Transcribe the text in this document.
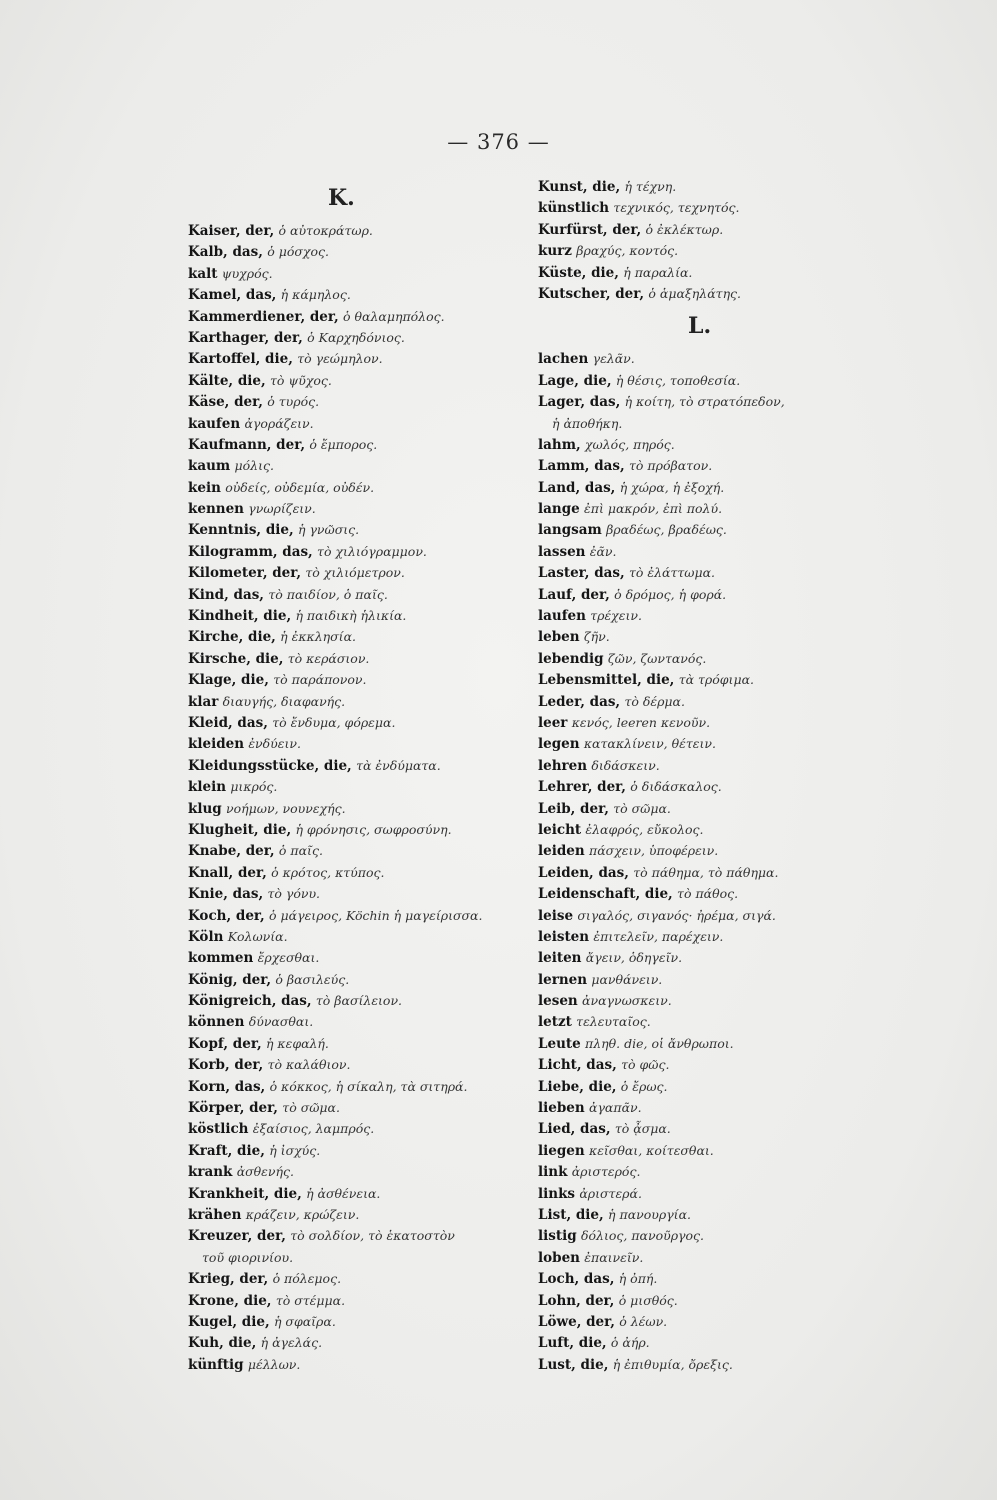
— 376 —
K.
Kaiser, der, ὁ αὐτοκράτωρ.
Kalb, das, ὁ μόσχος.
kalt ψυχρός.
Kamel, das, ἡ κάμηλος.
Kammerdiener, der, ὁ θαλαμηπόλος.
Karthager, der, ὁ Καρχηδόνιος.
Kartoffel, die, τὸ γεώμηλον.
Kälte, die, τὸ ψῦχος.
Käse, der, ὁ τυρός.
kaufen ἀγοράζειν.
Kaufmann, der, ὁ ἔμπορος.
kaum μόλις.
kein οὐδείς, οὐδεμία, οὐδέν.
kennen γνωρίζειν.
Kenntnis, die, ἡ γνῶσις.
Kilogramm, das, τὸ χιλιόγραμμον.
Kilometer, der, τὸ χιλιόμετρον.
Kind, das, τὸ παιδίον, ὁ παῖς.
Kindheit, die, ἡ παιδικὴ ἡλικία.
Kirche, die, ἡ ἐκκλησία.
Kirsche, die, τὸ κεράσιον.
Klage, die, τὸ παράπονον.
klar διαυγής, διαφανής.
Kleid, das, τὸ ἔνδυμα, φόρεμα.
kleiden ἐνδύειν.
Kleidungsstücke, die, τὰ ἐνδύματα.
klein μικρός.
klug νοήμων, νουνεχής.
Klugheit, die, ἡ φρόνησις, σωφροσύνη.
Knabe, der, ὁ παῖς.
Knall, der, ὁ κρότος, κτύπος.
Knie, das, τὸ γόνυ.
Koch, der, ὁ μάγειρος, Köchin ἡ μαγείρισσα.
Köln Κολωνία.
kommen ἔρχεσθαι.
König, der, ὁ βασιλεύς.
Königreich, das, τὸ βασίλειον.
können δύνασθαι.
Kopf, der, ἡ κεφαλή.
Korb, der, τὸ καλάθιον.
Korn, das, ὁ κόκκος, ἡ σίκαλη, τὰ σιτηρά.
Körper, der, τὸ σῶμα.
köstlich ἐξαίσιος, λαμπρός.
Kraft, die, ἡ ἰσχύς.
krank ἀσθενής.
Krankheit, die, ἡ ἀσθένεια.
krähen κράζειν, κρώζειν.
Kreuzer, der, τὸ σολδίον, τὸ ἑκατοστὸν
τοῦ φιορινίου.
Krieg, der, ὁ πόλεμος.
Krone, die, τὸ στέμμα.
Kugel, die, ἡ σφαῖρα.
Kuh, die, ἡ ἀγελάς.
künftig μέλλων.
Kunst, die, ἡ τέχνη.
künstlich τεχνικός, τεχνητός.
Kurfürst, der, ὁ ἐκλέκτωρ.
kurz βραχύς, κοντός.
Küste, die, ἡ παραλία.
Kutscher, der, ὁ ἁμαξηλάτης.
L.
lachen γελᾶν.
Lage, die, ἡ θέσις, τοποθεσία.
Lager, das, ἡ κοίτη, τὸ στρατόπεδον,
ἡ ἀποθήκη.
lahm, χωλός, πηρός.
Lamm, das, τὸ πρόβατον.
Land, das, ἡ χώρα, ἡ ἐξοχή.
lange ἐπὶ μακρόν, ἐπὶ πολύ.
langsam βραδέως, βραδέως.
lassen ἐᾶν.
Laster, das, τὸ ἐλάττωμα.
Lauf, der, ὁ δρόμος, ἡ φορά.
laufen τρέχειν.
leben ζῆν.
lebendig ζῶν, ζωντανός.
Lebensmittel, die, τὰ τρόφιμα.
Leder, das, τὸ δέρμα.
leer κενός, leeren κενοῦν.
legen κατακλίνειν, θέτειν.
lehren διδάσκειν.
Lehrer, der, ὁ διδάσκαλος.
Leib, der, τὸ σῶμα.
leicht ἐλαφρός, εὔκολος.
leiden πάσχειν, ὑποφέρειν.
Leiden, das, τὸ πάθημα, τὸ πάθημα.
Leidenschaft, die, τὸ πάθος.
leise σιγαλός, σιγανός· ἠρέμα, σιγά.
leisten ἐπιτελεῖν, παρέχειν.
leiten ἄγειν, ὁδηγεῖν.
lernen μανθάνειν.
lesen ἀναγνωσκειν.
letzt τελευταῖος.
Leute πληθ. die, οἱ ἄνθρωποι.
Licht, das, τὸ φῶς.
Liebe, die, ὁ ἔρως.
lieben ἀγαπᾶν.
Lied, das, τὸ ᾆσμα.
liegen κεῖσθαι, κοίτεσθαι.
link ἀριστερός.
links ἀριστερά.
List, die, ἡ πανουργία.
listig δόλιος, πανοῦργος.
loben ἐπαινεῖν.
Loch, das, ἡ ὀπή.
Lohn, der, ὁ μισθός.
Löwe, der, ὁ λέων.
Luft, die, ὁ ἀήρ.
Lust, die, ἡ ἐπιθυμία, ὄρεξις.
